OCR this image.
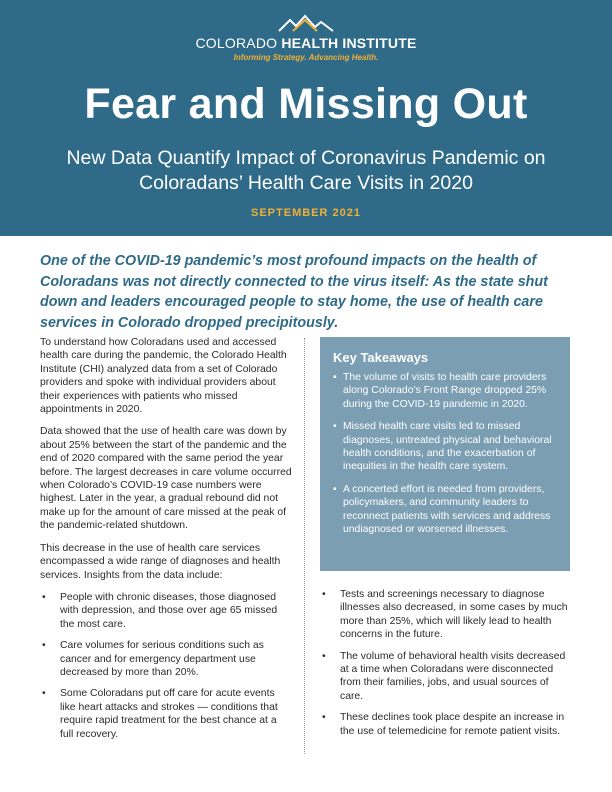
COLORADO HEALTH INSTITUTE
Informing Strategy. Advancing Health.
Fear and Missing Out
New Data Quantify Impact of Coronavirus Pandemic on Coloradans’ Health Care Visits in 2020
SEPTEMBER 2021
One of the COVID-19 pandemic’s most profound impacts on the health of Coloradans was not directly connected to the virus itself: As the state shut down and leaders encouraged people to stay home, the use of health care services in Colorado dropped precipitously.

To understand how Coloradans used and accessed health care during the pandemic, the Colorado Health Institute (CHI) analyzed data from a set of Colorado providers and spoke with individual providers about their experiences with patients who missed appointments in 2020.

Data showed that the use of health care was down by about 25% between the start of the pandemic and the end of 2020 compared with the same period the year before. The largest decreases in care volume occurred when Colorado’s COVID-19 case numbers were highest. Later in the year, a gradual rebound did not make up for the amount of care missed at the peak of the pandemic-related shutdown.

This decrease in the use of health care services encompassed a wide range of diagnoses and health services. Insights from the data include:

• People with chronic diseases, those diagnosed with depression, and those over age 65 missed the most care.
• Care volumes for serious conditions such as cancer and for emergency department use decreased by more than 20%.
• Some Coloradans put off care for acute events like heart attacks and strokes — conditions that require rapid treatment for the best chance at a full recovery.
Key Takeaways
• The volume of visits to health care providers along Colorado’s Front Range dropped 25% during the COVID-19 pandemic in 2020.
• Missed health care visits led to missed diagnoses, untreated physical and behavioral health conditions, and the exacerbation of inequities in the health care system.
• A concerted effort is needed from providers, policymakers, and community leaders to reconnect patients with services and address undiagnosed or worsened illnesses.
• Tests and screenings necessary to diagnose illnesses also decreased, in some cases by much more than 25%, which will likely lead to health concerns in the future.
• The volume of behavioral health visits decreased at a time when Coloradans were disconnected from their families, jobs, and usual sources of care.
• These declines took place despite an increase in the use of telemedicine for remote patient visits.
